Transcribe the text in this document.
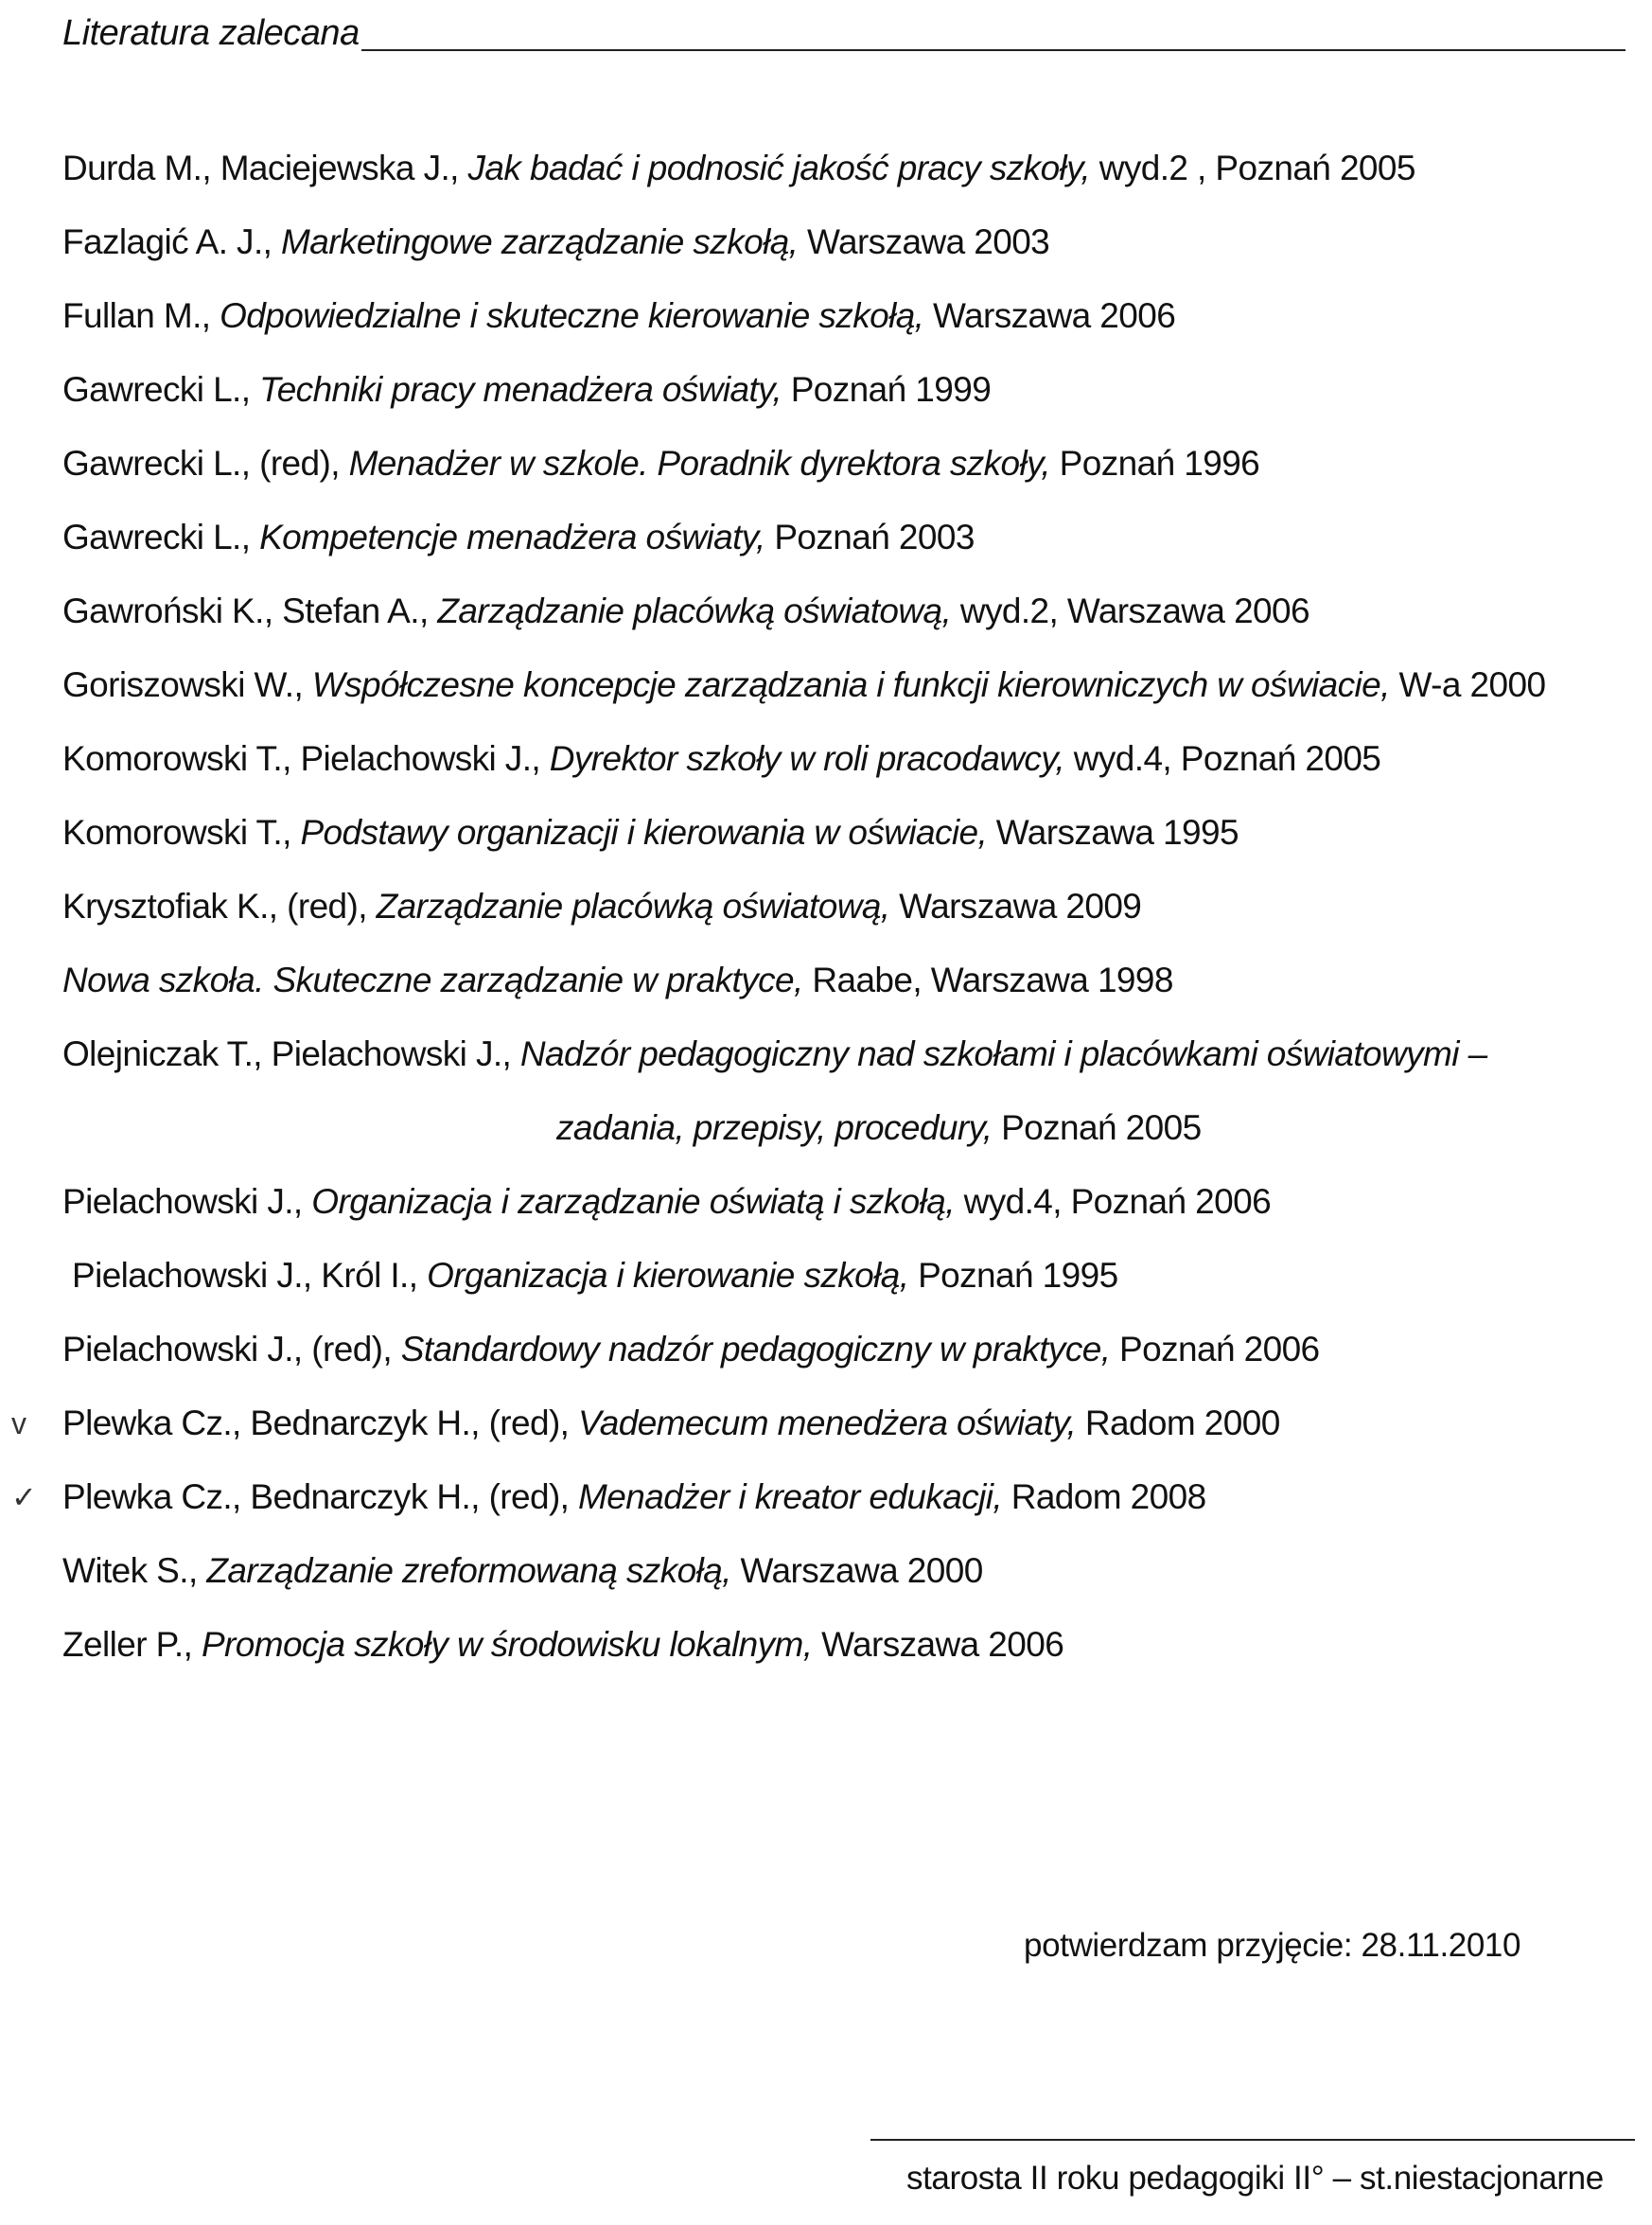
Literatura zalecana
Durda M., Maciejewska J., Jak badać i podnosić jakość pracy szkoły, wyd.2 , Poznań 2005
Fazlagić A. J., Marketingowe zarządzanie szkołą, Warszawa 2003
Fullan M., Odpowiedzialne i skuteczne kierowanie szkołą, Warszawa 2006
Gawrecki L., Techniki pracy menadżera oświaty, Poznań 1999
Gawrecki L., (red), Menadżer w szkole. Poradnik dyrektora szkoły, Poznań 1996
Gawrecki L., Kompetencje menadżera oświaty, Poznań 2003
Gawroński K., Stefan A., Zarządzanie placówką oświatową, wyd.2, Warszawa 2006
Goriszowski W., Współczesne koncepcje zarządzania i funkcji kierowniczych w oświacie, W-a 2000
Komorowski T., Pielachowski J., Dyrektor szkoły w roli pracodawcy, wyd.4, Poznań 2005
Komorowski T., Podstawy organizacji i kierowania w oświacie, Warszawa 1995
Krysztofiak K., (red), Zarządzanie placówką oświatową, Warszawa 2009
Nowa szkoła. Skuteczne zarządzanie w praktyce, Raabe, Warszawa 1998
Olejniczak T., Pielachowski J., Nadzór pedagogiczny nad szkołami i placówkami oświatowymi –
zadania, przepisy, procedury, Poznań 2005
Pielachowski J., Organizacja i zarządzanie oświatą i szkołą, wyd.4, Poznań 2006
Pielachowski J., Król I., Organizacja i kierowanie szkołą, Poznań 1995
Pielachowski J., (red), Standardowy nadzór pedagogiczny w praktyce, Poznań 2006
v Plewka Cz., Bednarczyk H., (red), Vademecum menedżera oświaty, Radom 2000
✓ Plewka Cz., Bednarczyk H., (red), Menadżer i kreator edukacji, Radom 2008
Witek S., Zarządzanie zreformowaną szkołą, Warszawa 2000
Zeller P., Promocja szkoły w środowisku lokalnym, Warszawa 2006
potwierdzam przyjęcie: 28.11.2010
starosta II roku pedagogiki II° – st.niestacjonarne
